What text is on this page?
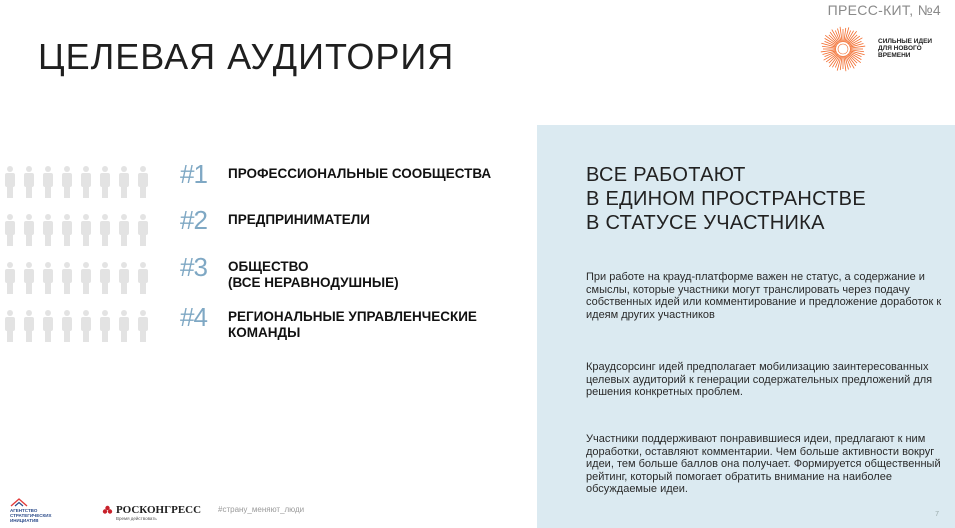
ПРЕСС-КИТ, №4
ЦЕЛЕВАЯ АУДИТОРИЯ	СИЛЬНЫЕ ИДЕИ
ДЛЯ НОВОГО
ВРЕМЕНИ
#1	ПРОФЕССИОНАЛЬНЫЕ СООБЩЕСТВА
#2	ПРЕДПРИНИМАТЕЛИ
#3	ОБЩЕСТВО
(ВСЕ НЕРАВНОДУШНЫЕ)
#4	РЕГИОНАЛЬНЫЕ УПРАВЛЕНЧЕСКИЕ
КОМАНДЫ
ВСЕ РАБОТАЮТ
В ЕДИНОМ ПРОСТРАНСТВЕ
В СТАТУСЕ УЧАСТНИКА

При работе на крауд-платформе важен не статус, а содержание и смыслы, которые участники могут транслировать через подачу собственных идей или комментирование и предложение доработок к идеям других участников

Краудсорсинг идей предполагает мобилизацию заинтересованных целевых аудиторий к генерации содержательных предложений для решения конкретных проблем.

Участники поддерживают понравившиеся идеи, предлагают к ним доработки, оставляют комментарии. Чем больше активности вокруг идеи, тем больше баллов она получает. Формируется общественный рейтинг, который помогает обратить внимание на наиболее обсуждаемые идеи.

7
АГЕНТСТВО
СТРАТЕГИЧЕСКИХ
ИНИЦИАТИВ
РОСКОНГРЕСС
Время действовать
#страну_меняют_люди
